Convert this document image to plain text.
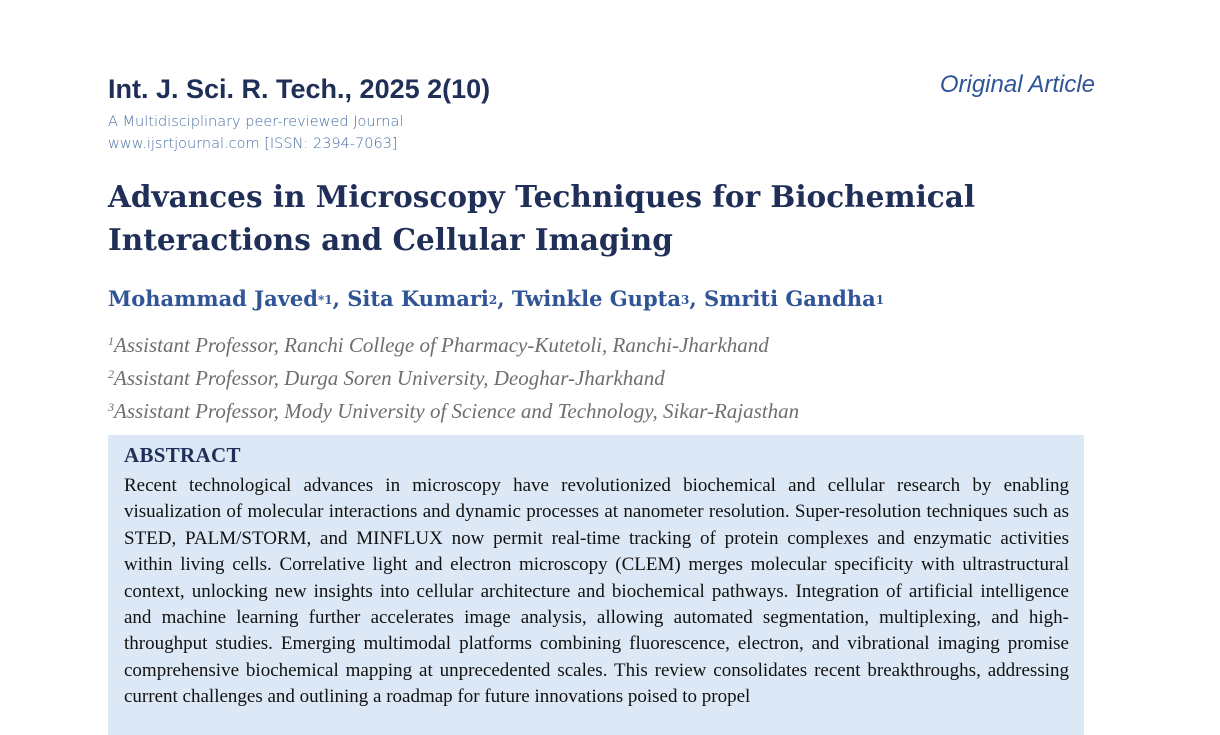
Int. J. Sci. R. Tech., 2025 2(10)	Original Article
A Multidisciplinary peer-reviewed Journal
www.ijsrtjournal.com [ISSN: 2394-7063]
Advances in Microscopy Techniques for Biochemical Interactions and Cellular Imaging
Mohammad Javed$^{*1}$, Sita Kumari$^2$, Twinkle Gupta$^3$, Smriti Gandha$^1$
$^1$Assistant Professor, Ranchi College of Pharmacy-Kutetoli, Ranchi-Jharkhand
$^2$Assistant Professor, Durga Soren University, Deoghar-Jharkhand
$^3$Assistant Professor, Mody University of Science and Technology, Sikar-Rajasthan
ABSTRACT
Recent technological advances in microscopy have revolutionized biochemical and cellular research by enabling visualization of molecular interactions and dynamic processes at nanometer resolution. Super-resolution techniques such as STED, PALM/STORM, and MINFLUX now permit real-time tracking of protein complexes and enzymatic activities within living cells. Correlative light and electron microscopy (CLEM) merges molecular specificity with ultrastructural context, unlocking new insights into cellular architecture and biochemical pathways. Integration of artificial intelligence and machine learning further accelerates image analysis, allowing automated segmentation, multiplexing, and high-throughput studies. Emerging multimodal platforms combining fluorescence, electron, and vibrational imaging promise comprehensive biochemical mapping at unprecedented scales. This review consolidates recent breakthroughs, addressing current challenges and outlining a roadmap for future innovations poised to propel
